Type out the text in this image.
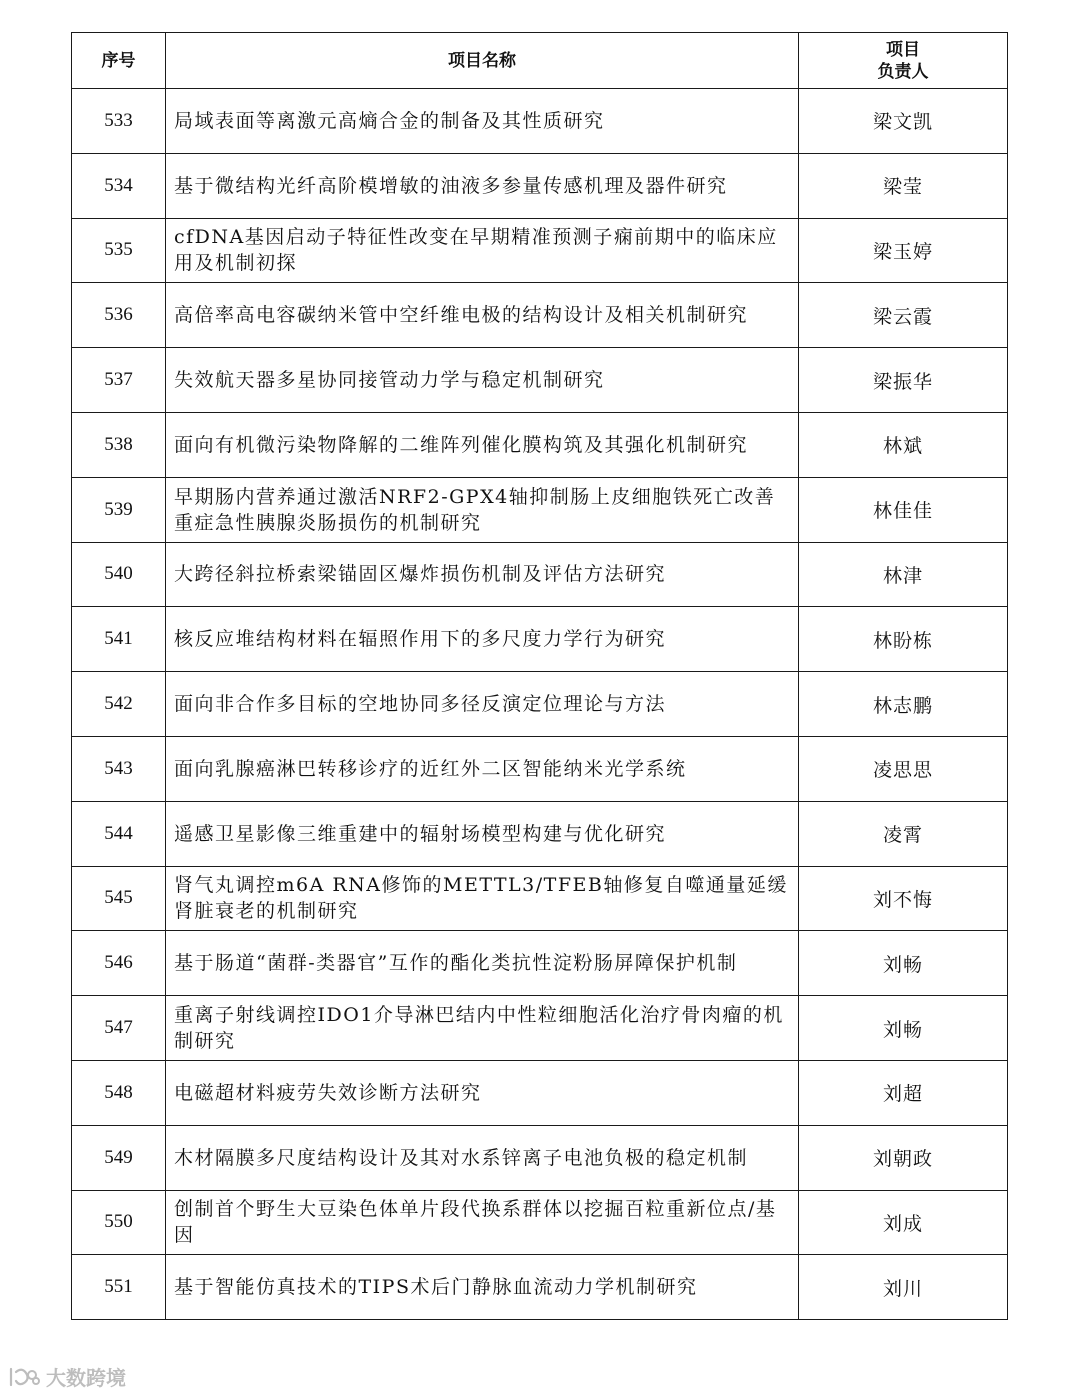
序号	项目名称	项目
负责人

533	局域表面等离激元高熵合金的制备及其性质研究	梁文凯
534	基于微结构光纤高阶模增敏的油液多参量传感机理及器件研究	梁莹
535	cfDNA基因启动子特征性改变在早期精准预测子痫前期中的临床应用及机制初探	梁玉婷
536	高倍率高电容碳纳米管中空纤维电极的结构设计及相关机制研究	梁云霞
537	失效航天器多星协同接管动力学与稳定机制研究	梁振华
538	面向有机微污染物降解的二维阵列催化膜构筑及其强化机制研究	林斌
539	早期肠内营养通过激活NRF2-GPX4轴抑制肠上皮细胞铁死亡改善重症急性胰腺炎肠损伤的机制研究	林佳佳
540	大跨径斜拉桥索梁锚固区爆炸损伤机制及评估方法研究	林津
541	核反应堆结构材料在辐照作用下的多尺度力学行为研究	林盼栋
542	面向非合作多目标的空地协同多径反演定位理论与方法	林志鹏
543	面向乳腺癌淋巴转移诊疗的近红外二区智能纳米光学系统	凌思思
544	遥感卫星影像三维重建中的辐射场模型构建与优化研究	凌霄
545	肾气丸调控m6A RNA修饰的METTL3/TFEB轴修复自噬通量延缓肾脏衰老的机制研究	刘不悔
546	基于肠道“菌群-类器官”互作的酯化类抗性淀粉肠屏障保护机制	刘畅
547	重离子射线调控IDO1介导淋巴结内中性粒细胞活化治疗骨肉瘤的机制研究	刘畅
548	电磁超材料疲劳失效诊断方法研究	刘超
549	木材隔膜多尺度结构设计及其对水系锌离子电池负极的稳定机制	刘朝政
550	创制首个野生大豆染色体单片段代换系群体以挖掘百粒重新位点/基因	刘成
551	基于智能仿真技术的TIPS术后门静脉血流动力学机制研究	刘川
大数跨境
